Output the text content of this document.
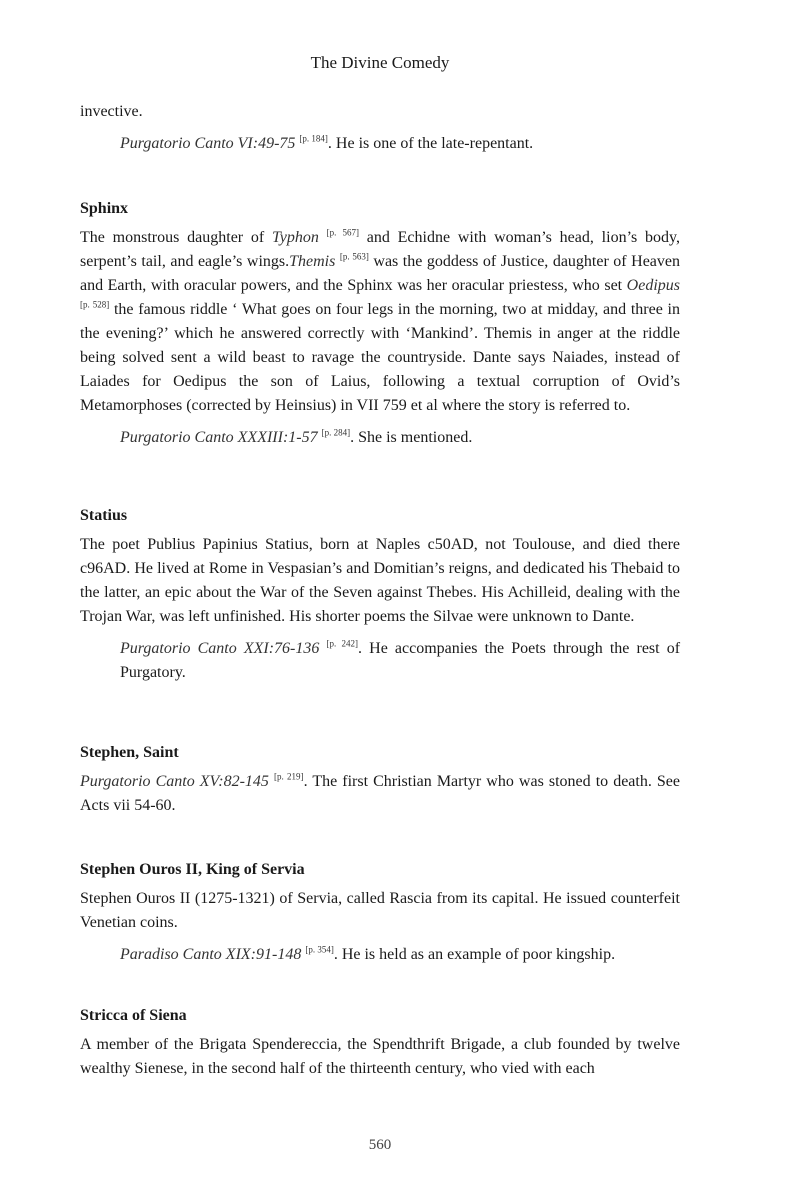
The Divine Comedy

invective.

Purgatorio Canto VI:49-75 [p. 184]. He is one of the late-repentant.

Sphinx

The monstrous daughter of Typhon [p. 567] and Echidne with woman’s head, lion’s body, serpent’s tail, and eagle’s wings.Themis [p. 563] was the goddess of Justice, daughter of Heaven and Earth, with oracular powers, and the Sphinx was her oracular priestess, who set Oedipus [p. 528] the famous riddle ‘ What goes on four legs in the morning, two at midday, and three in the evening?’ which he answered correctly with ‘Mankind’. Themis in anger at the riddle being solved sent a wild beast to ravage the countryside. Dante says Naiades, instead of Laiades for Oedipus the son of Laius, following a textual corruption of Ovid’s Metamorphoses (corrected by Heinsius) in VII 759 et al where the story is referred to.

Purgatorio Canto XXXIII:1-57 [p. 284]. She is mentioned.

Statius

The poet Publius Papinius Statius, born at Naples c50AD, not Toulouse, and died there c96AD. He lived at Rome in Vespasian’s and Domitian’s reigns, and dedicated his Thebaid to the latter, an epic about the War of the Seven against Thebes. His Achilleid, dealing with the Trojan War, was left unfinished. His shorter poems the Silvae were unknown to Dante.

Purgatorio Canto XXI:76-136 [p. 242]. He accompanies the Poets through the rest of Purgatory.

Stephen, Saint

Purgatorio Canto XV:82-145 [p. 219]. The first Christian Martyr who was stoned to death. See Acts vii 54-60.

Stephen Ouros II, King of Servia

Stephen Ouros II (1275-1321) of Servia, called Rascia from its capital. He issued counterfeit Venetian coins.

Paradiso Canto XIX:91-148 [p. 354]. He is held as an example of poor kingship.

Stricca of Siena

A member of the Brigata Spendereccia, the Spendthrift Brigade, a club founded by twelve wealthy Sienese, in the second half of the thirteenth century, who vied with each

560
